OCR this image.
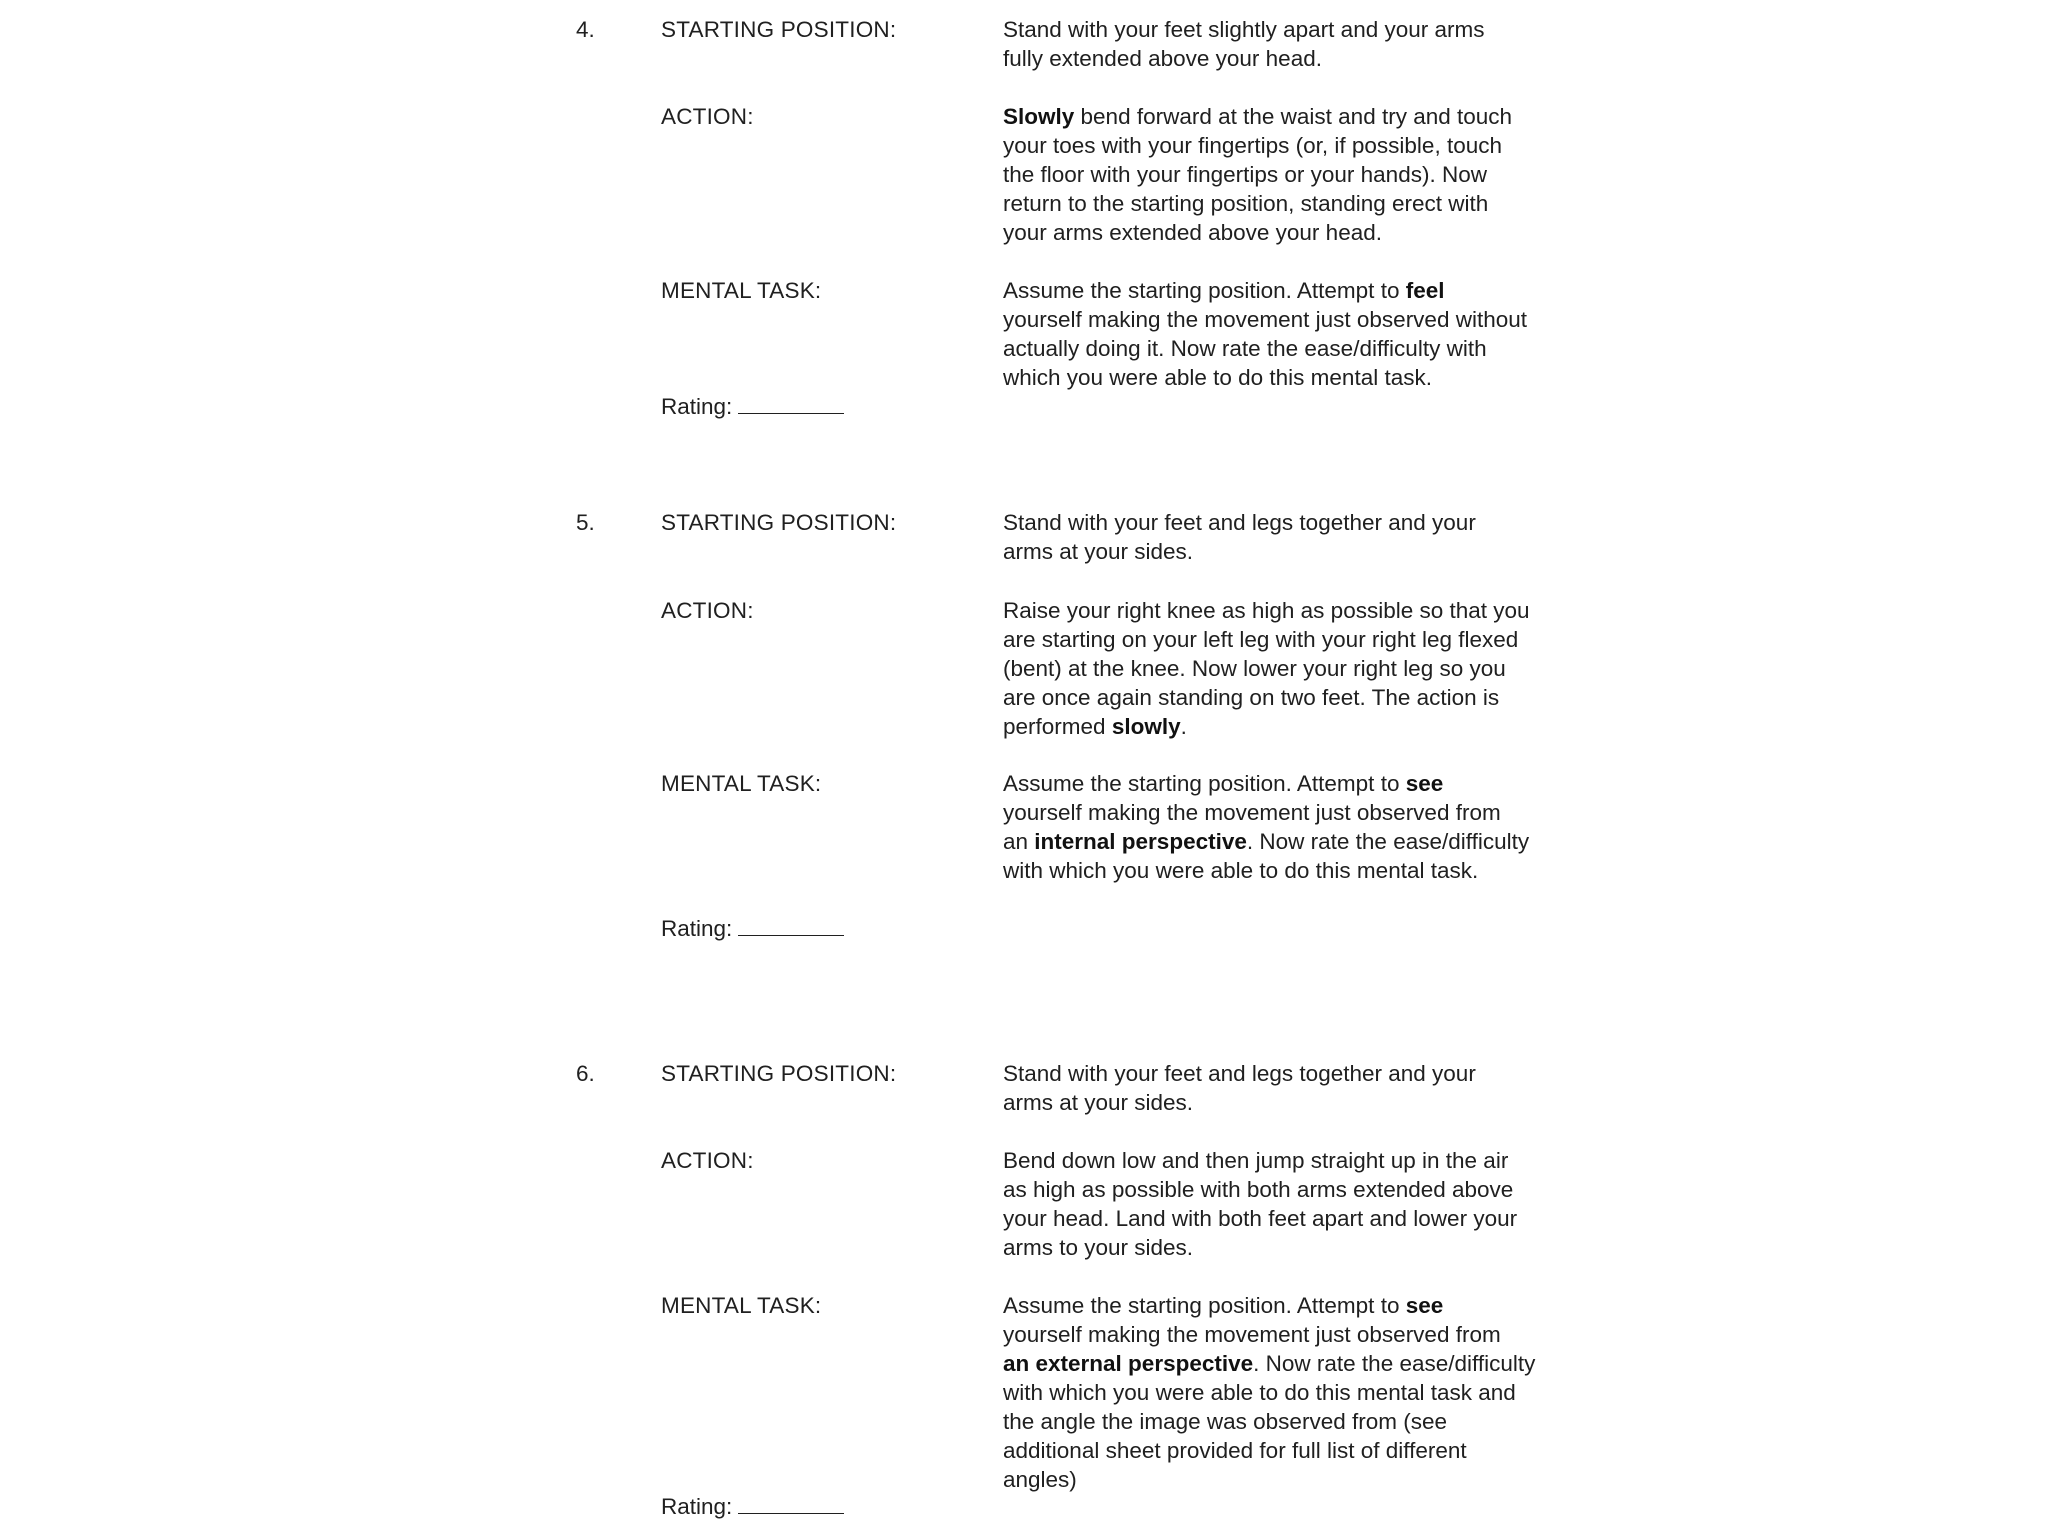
4.	STARTING POSITION:	Stand with your feet slightly apart and your arms
fully extended above your head.
ACTION:	Slowly bend forward at the waist and try and touch
your toes with your fingertips (or, if possible, touch
the floor with your fingertips or your hands). Now
return to the starting position, standing erect with
your arms extended above your head.
MENTAL TASK:	Assume the starting position. Attempt to feel
yourself making the movement just observed without
actually doing it. Now rate the ease/difficulty with
which you were able to do this mental task.
Rating:
5.	STARTING POSITION:	Stand with your feet and legs together and your
arms at your sides.
ACTION:	Raise your right knee as high as possible so that you
are starting on your left leg with your right leg flexed
(bent) at the knee. Now lower your right leg so you
are once again standing on two feet. The action is
performed slowly.
MENTAL TASK:	Assume the starting position. Attempt to see
yourself making the movement just observed from
an internal perspective. Now rate the ease/difficulty
with which you were able to do this mental task.
Rating:
6.	STARTING POSITION:	Stand with your feet and legs together and your
arms at your sides.
ACTION:	Bend down low and then jump straight up in the air
as high as possible with both arms extended above
your head. Land with both feet apart and lower your
arms to your sides.
MENTAL TASK:	Assume the starting position. Attempt to see
yourself making the movement just observed from
an external perspective. Now rate the ease/difficulty
with which you were able to do this mental task and
the angle the image was observed from (see
additional sheet provided for full list of different
angles)
Rating:
